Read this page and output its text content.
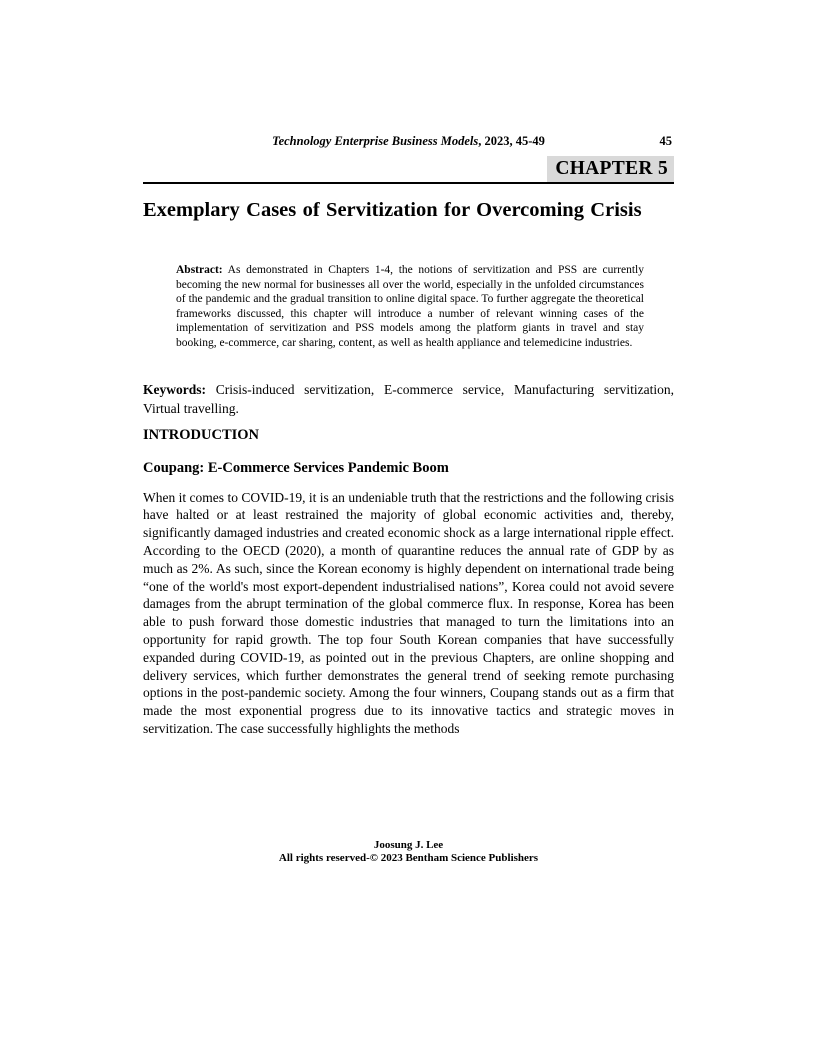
Technology Enterprise Business Models, 2023, 45-49	45
CHAPTER 5
Exemplary Cases of Servitization for Overcoming Crisis
Abstract: As demonstrated in Chapters 1-4, the notions of servitization and PSS are currently becoming the new normal for businesses all over the world, especially in the unfolded circumstances of the pandemic and the gradual transition to online digital space. To further aggregate the theoretical frameworks discussed, this chapter will introduce a number of relevant winning cases of the implementation of servitization and PSS models among the platform giants in travel and stay booking, e-commerce, car sharing, content, as well as health appliance and telemedicine industries.

Keywords: Crisis-induced servitization, E-commerce service, Manufacturing servitization, Virtual travelling.

INTRODUCTION
Coupang: E-Commerce Services Pandemic Boom

When it comes to COVID-19, it is an undeniable truth that the restrictions and the following crisis have halted or at least restrained the majority of global economic activities and, thereby, significantly damaged industries and created economic shock as a large international ripple effect. According to the OECD (2020), a month of quarantine reduces the annual rate of GDP by as much as 2%. As such, since the Korean economy is highly dependent on international trade being “one of the world's most export-dependent industrialised nations”, Korea could not avoid severe damages from the abrupt termination of the global commerce flux. In response, Korea has been able to push forward those domestic industries that managed to turn the limitations into an opportunity for rapid growth. The top four South Korean companies that have successfully expanded during COVID-19, as pointed out in the previous Chapters, are online shopping and delivery services, which further demonstrates the general trend of seeking remote purchasing options in the post-pandemic society. Among the four winners, Coupang stands out as a firm that made the most exponential progress due to its innovative tactics and strategic moves in servitization. The case successfully highlights the methods

Joosung J. Lee
All rights reserved-© 2023 Bentham Science Publishers
